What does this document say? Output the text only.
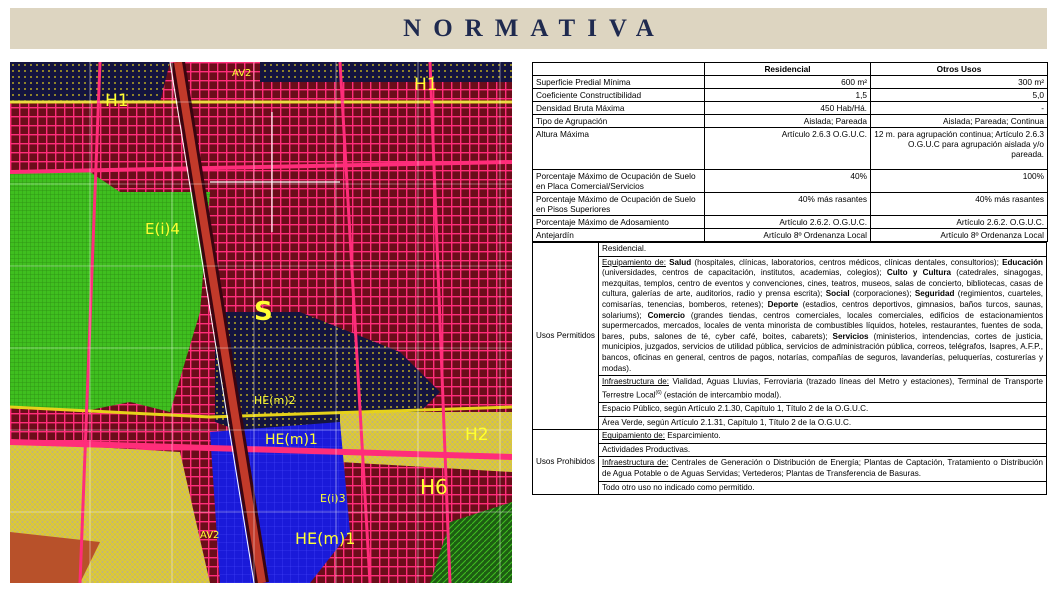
NORMATIVA
AV2
H1
H1
E(i)4
S
HE(m)2
HE(m)1	H2
H6
E(i)3
AV2	HE(m)1
	Residencial	Otros Usos
Superficie Predial Mínima	600 m²	300 m²
Coeficiente Constructibilidad	1,5	5,0
Densidad Bruta Máxima	450 Hab/Há.	-
Tipo de Agrupación	Aislada; Pareada	Aislada; Pareada; Continua
Altura Máxima	Artículo 2.6.3 O.G.U.C.	12 m. para agrupación continua; Artículo 2.6.3 O.G.U.C para agrupación aislada y/o pareada.
Porcentaje Máximo de Ocupación de Suelo en Placa Comercial/Servicios	40%	100%
Porcentaje Máximo de Ocupación de Suelo en Pisos Superiores	40% más rasantes	40% más rasantes
Porcentaje Máximo de Adosamiento	Artículo 2.6.2. O.G.U.C.	Artículo 2.6.2. O.G.U.C.
Antejardín	Artículo 8º Ordenanza Local	Artículo 8º Ordenanza Local
Usos Permitidos	Residencial.
	Equipamiento de: Salud (hospitales, clínicas, laboratorios, centros médicos, clínicas dentales, consultorios); Educación (universidades, centros de capacitación, institutos, academias, colegios); Culto y Cultura (catedrales, sinagogas, mezquitas, templos, centro de eventos y convenciones, cines, teatros, museos, salas de concierto, bibliotecas, casas de cultura, galerías de arte, auditorios, radio y prensa escrita); Social (corporaciones); Seguridad (regimientos, cuarteles, comisarías, tenencias, bomberos, retenes); Deporte (estadios, centros deportivos, gimnasios, baños turcos, saunas, solariums); Comercio (grandes tiendas, centros comerciales, locales comerciales, edificios de estacionamientos supermercados, mercados, locales de venta minorista de combustibles líquidos, hoteles, restaurantes, fuentes de soda, bares, pubs, salones de té, cyber café, boites, cabarets); Servicios (ministerios, intendencias, cortes de justicia, municipios, juzgados, servicios de utilidad pública, servicios de administración pública, correos, telégrafos, Isapres, A.F.P., bancos, oficinas en general, centros de pagos, notarías, compañías de seguros, lavanderías, peluquerías, costurerías y modas).
	Infraestructura de: Vialidad, Aguas Lluvias, Ferroviaria (trazado líneas del Metro y estaciones), Terminal de Transporte Terrestre Local$^{(6)}$ (estación de intercambio modal).
	Espacio Público, según Artículo 2.1.30, Capítulo 1, Título 2 de la O.G.U.C.
	Área Verde, según Artículo 2.1.31, Capítulo 1, Título 2 de la O.G.U.C.
Usos Prohibidos	Equipamiento de: Esparcimiento.
	Actividades Productivas.
	Infraestructura de: Centrales de Generación o Distribución de Energía; Plantas de Captación, Tratamiento o Distribución de Agua Potable o de Aguas Servidas; Vertederos; Plantas de Transferencia de Basuras.
	Todo otro uso no indicado como permitido.
